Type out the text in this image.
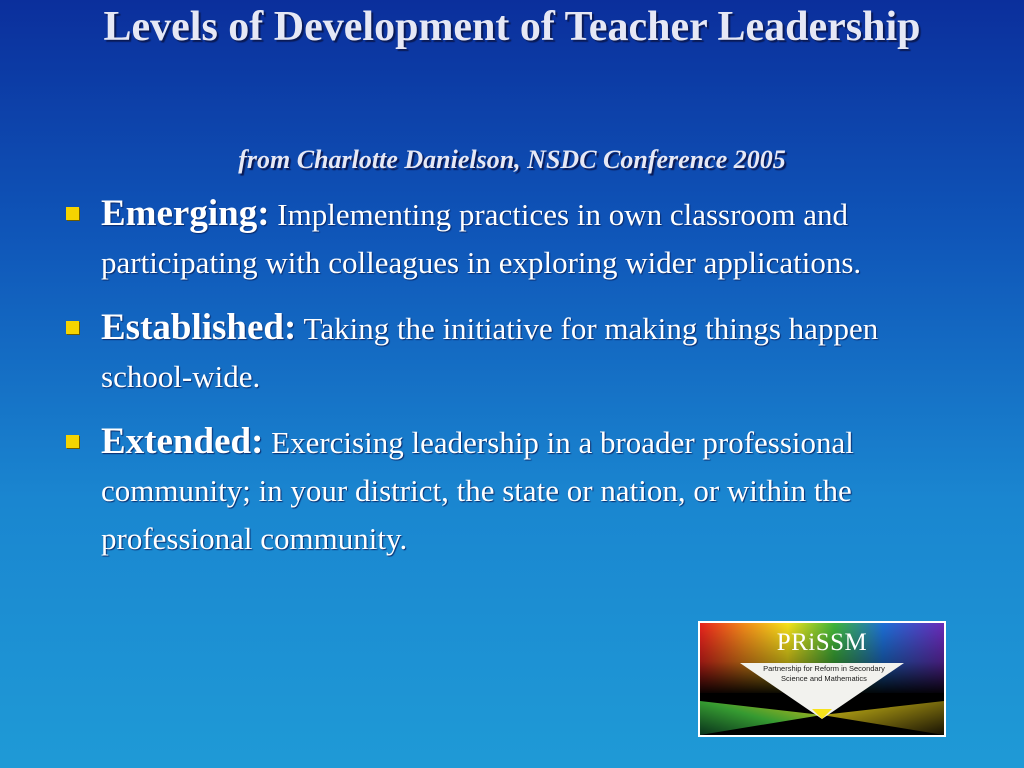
Levels of Development of Teacher Leadership

from Charlotte Danielson, NSDC Conference 2005

Emerging: Implementing practices in own classroom and participating with colleagues in exploring wider applications.
Established: Taking the initiative for making things happen school-wide.
Extended: Exercising leadership in a broader professional community; in your district, the state or nation, or within the professional community.
PRiSSM
Partnership for Reform in Secondary
Science and Mathematics
